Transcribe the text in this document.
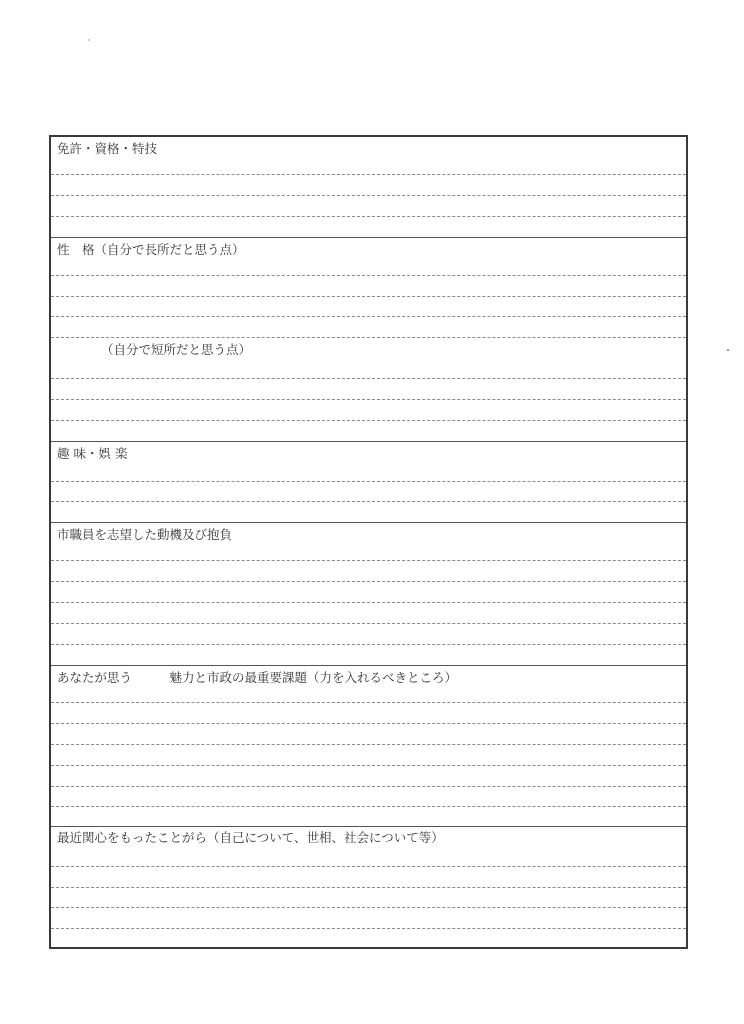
免許・資格・特技
性　格（自分で長所だと思う点）
（自分で短所だと思う点）
趣 味・娯 楽
市職員を志望した動機及び抱負
あなたが思う　　　魅力と市政の最重要課題（力を入れるべきところ）
最近関心をもったことがら（自己について、世相、社会について等）
